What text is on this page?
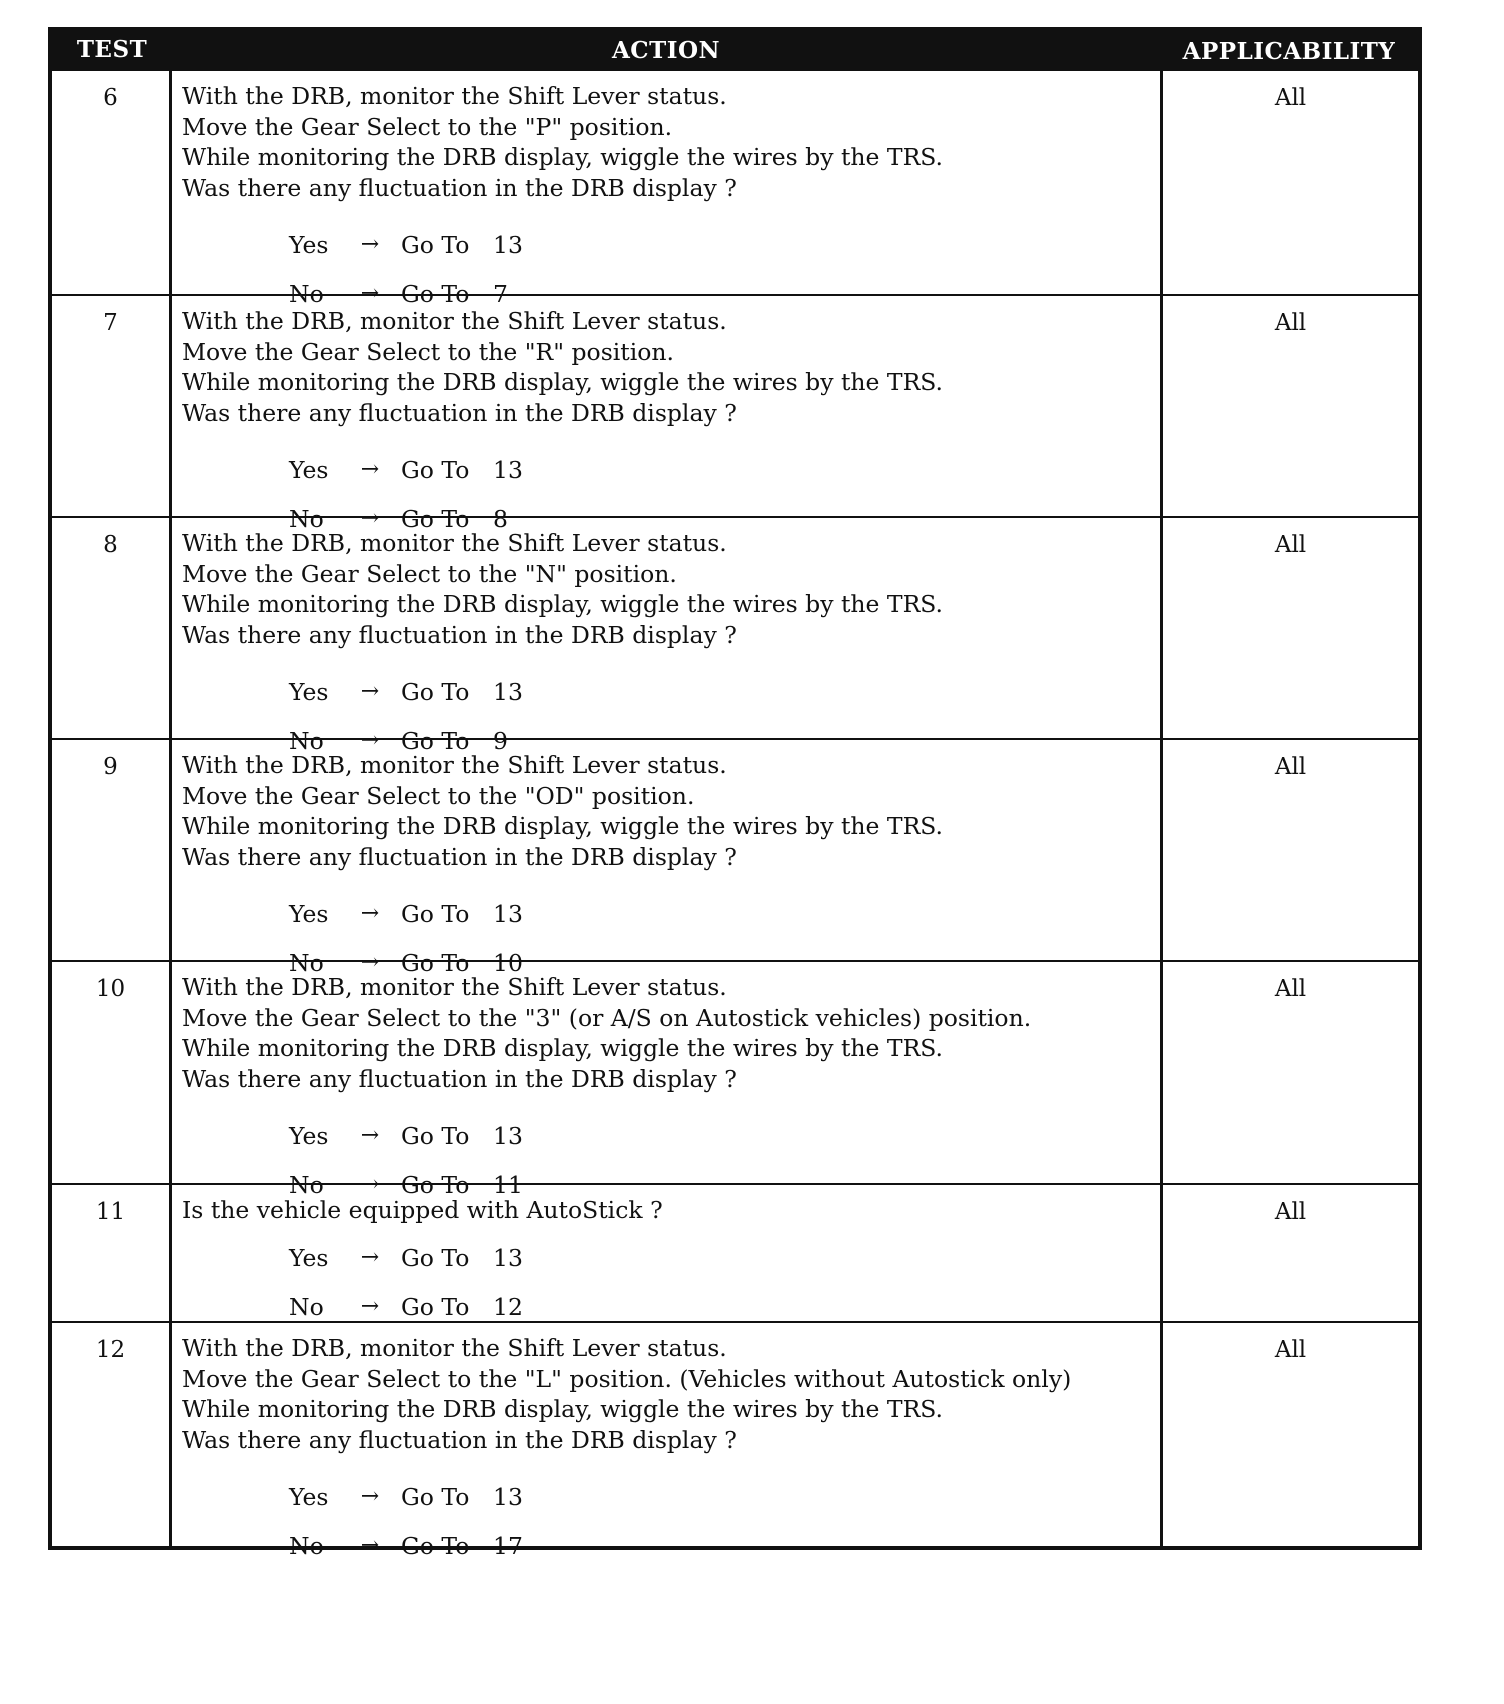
TEST	ACTION	APPLICABILITY
6	With the DRB, monitor the Shift Lever status.
Move the Gear Select to the "P" position.
While monitoring the DRB display, wiggle the wires by the TRS.
Was there any fluctuation in the DRB display ?
Yes	→ Go To	13
No	→ Go To	7
All
7	With the DRB, monitor the Shift Lever status.
Move the Gear Select to the "R" position.
While monitoring the DRB display, wiggle the wires by the TRS.
Was there any fluctuation in the DRB display ?
Yes	→ Go To	13
No	→ Go To	8
All
8	With the DRB, monitor the Shift Lever status.
Move the Gear Select to the "N" position.
While monitoring the DRB display, wiggle the wires by the TRS.
Was there any fluctuation in the DRB display ?
Yes	→ Go To	13
No	→ Go To	9
All
9	With the DRB, monitor the Shift Lever status.
Move the Gear Select to the "OD" position.
While monitoring the DRB display, wiggle the wires by the TRS.
Was there any fluctuation in the DRB display ?
Yes	→ Go To	13
No	→ Go To	10
All
10	With the DRB, monitor the Shift Lever status.
Move the Gear Select to the "3" (or A/S on Autostick vehicles) position.
While monitoring the DRB display, wiggle the wires by the TRS.
Was there any fluctuation in the DRB display ?
Yes	→ Go To	13
No	→ Go To	11
All
11	Is the vehicle equipped with AutoStick ?
Yes	→ Go To	13
No	→ Go To	12
All
12	With the DRB, monitor the Shift Lever status.
Move the Gear Select to the "L" position. (Vehicles without Autostick only)
While monitoring the DRB display, wiggle the wires by the TRS.
Was there any fluctuation in the DRB display ?
Yes	→ Go To	13
No	→ Go To	17
All
